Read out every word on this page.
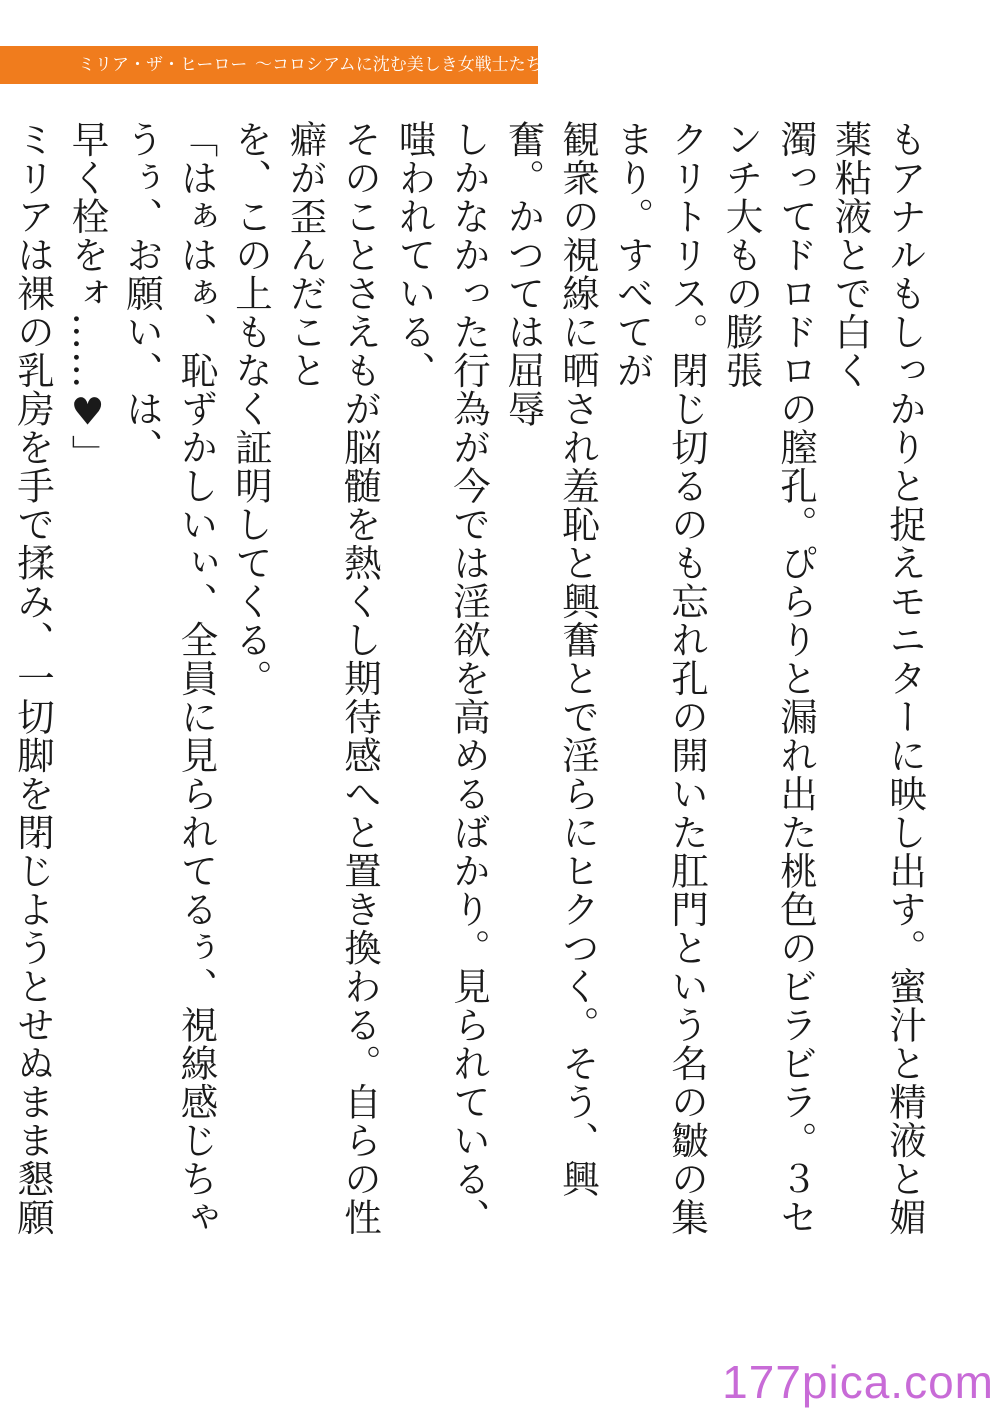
ミリア・ザ・ヒーロー 〜コロシアムに沈む美しき女戦士たち〜

もアナルもしっかりと捉えモニターに映し出す。蜜汁と精液と媚薬粘液とで白く
濁ってドロドロの膣孔。ぴらりと漏れ出た桃色のビラビラ。３センチ大もの膨張
クリトリス。閉じ切るのも忘れ孔の開いた肛門という名の皺の集まり。すべてが
観衆の視線に晒され羞恥と興奮とで淫らにヒクつく。そう、興奮。かつては屈辱
しかなかった行為が今では淫欲を高めるばかり。見られている、嗤われている、
そのことさえもが脳髄を熱くし期待感へと置き換わる。自らの性癖が歪んだこと
を、この上もなく証明してくる。

「はぁはぁ、恥ずかしいぃ、全員に見られてるぅ、視線感じちゃうぅ、お願い、は、
早く栓をォ……♥」

ミリアは裸の乳房を手で揉み、一切脚を閉じようとせぬまま懇願

177pica.com
